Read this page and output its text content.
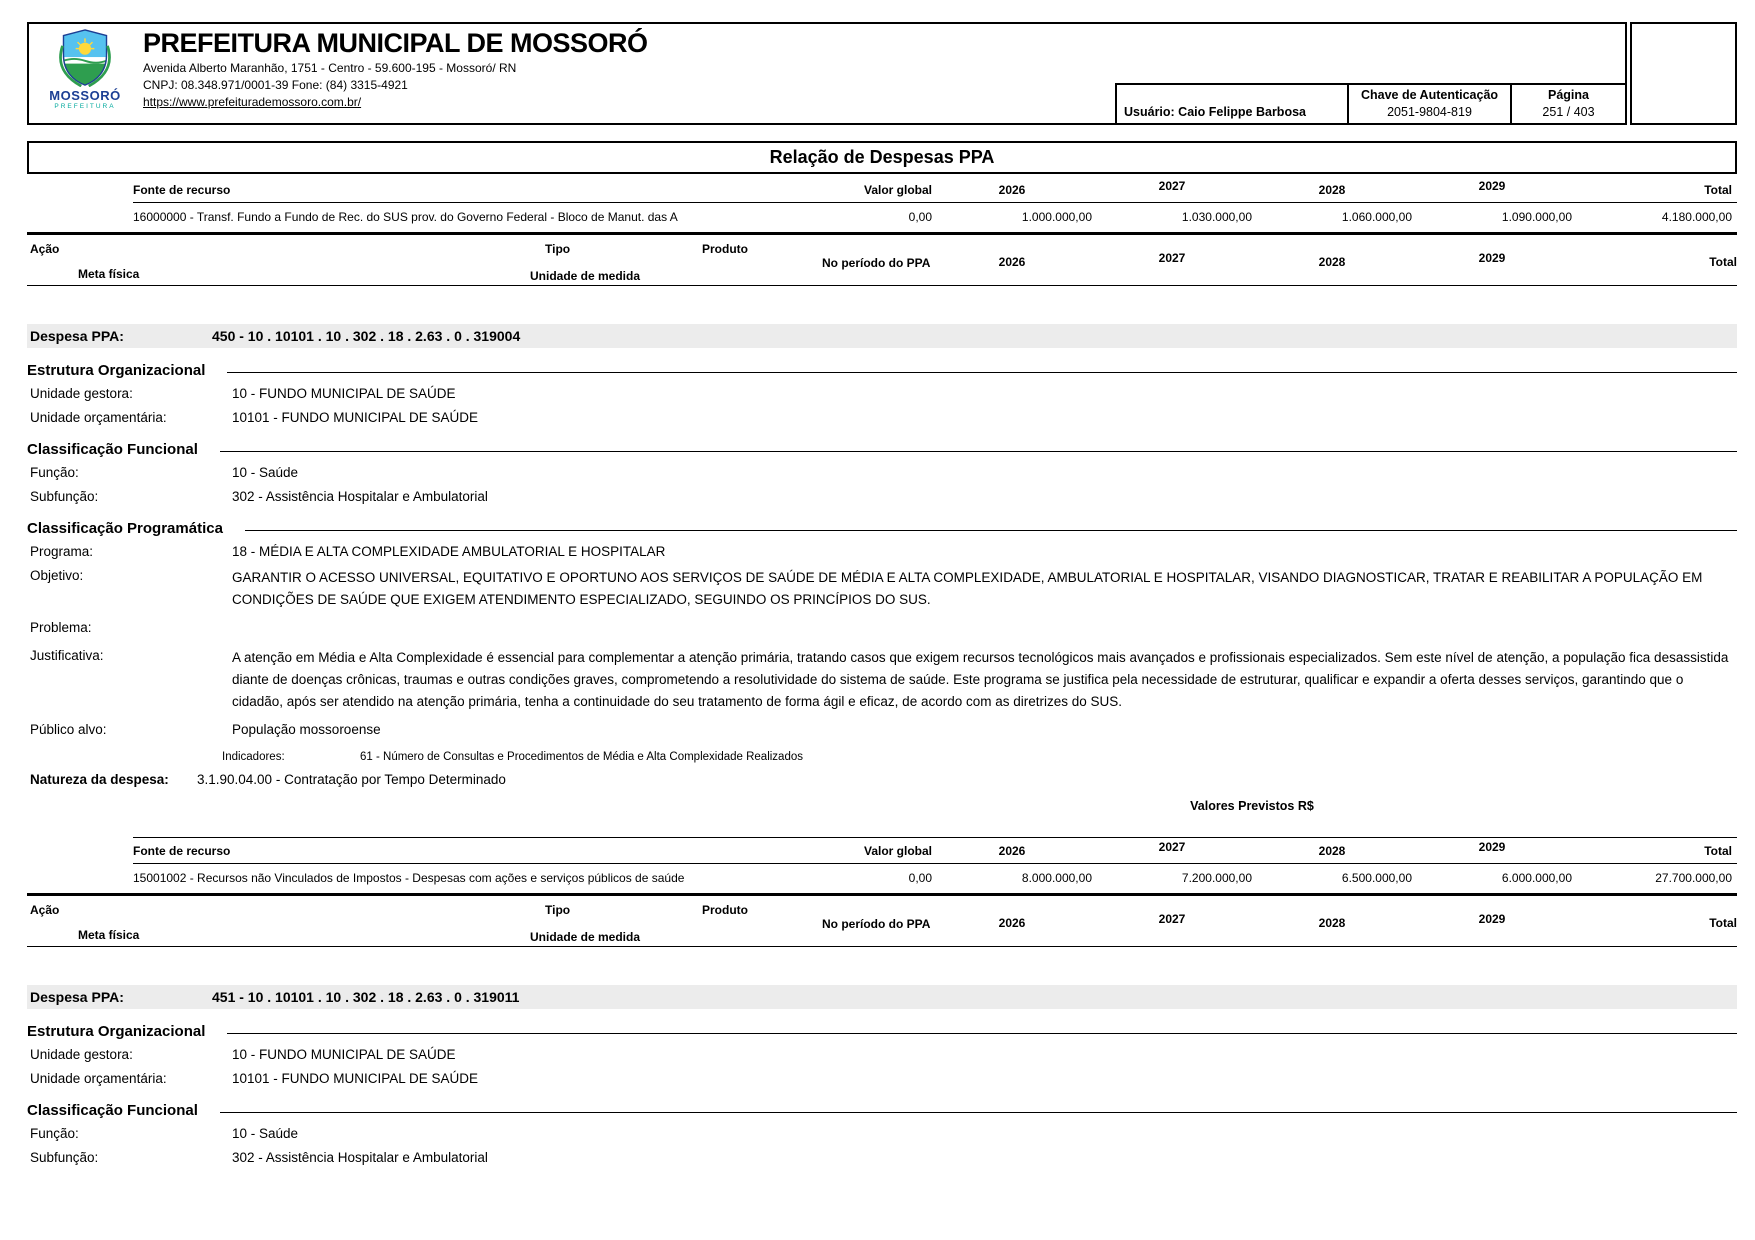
MOSSORÓ
PREFEITURA
PREFEITURA MUNICIPAL DE MOSSORÓ
Avenida Alberto Maranhão, 1751 - Centro - 59.600-195 - Mossoró/ RN
CNPJ: 08.348.971/0001-39 Fone: (84) 3315-4921
https://www.prefeiturademossoro.com.br/
Usuário: Caio Felippe Barbosa
Chave de Autenticação
2051-9804-819
Página
251 / 403
Relação de Despesas PPA
Fonte de recurso	Valor global	2026	2027	2028	2029	Total
16000000 - Transf. Fundo a Fundo de Rec. do SUS prov. do Governo Federal - Bloco de Manut. das A	0,00	1.000.000,00	1.030.000,00	1.060.000,00	1.090.000,00	4.180.000,00
Ação	Tipo	Produto
Meta física	Unidade de medida
No período do PPA	2026	2027	2028	2029	Total
Despesa PPA:	450 - 10 . 10101 . 10 . 302 . 18 . 2.63 . 0 . 319004
Estrutura Organizacional
Unidade gestora:	10 - FUNDO MUNICIPAL DE SAÚDE
Unidade orçamentária:	10101 - FUNDO MUNICIPAL DE SAÚDE
Classificação Funcional
Função:	10 - Saúde
Subfunção:	302 - Assistência Hospitalar e Ambulatorial
Classificação Programática
Programa:	18 - MÉDIA E ALTA COMPLEXIDADE AMBULATORIAL E HOSPITALAR
Objetivo:	GARANTIR O ACESSO UNIVERSAL, EQUITATIVO E OPORTUNO AOS SERVIÇOS DE SAÚDE DE MÉDIA E ALTA COMPLEXIDADE, AMBULATORIAL E HOSPITALAR, VISANDO DIAGNOSTICAR, TRATAR E REABILITAR A POPULAÇÃO EM CONDIÇÕES DE SAÚDE QUE EXIGEM ATENDIMENTO ESPECIALIZADO, SEGUINDO OS PRINCÍPIOS DO SUS.
Problema:
Justificativa:	A atenção em Média e Alta Complexidade é essencial para complementar a atenção primária, tratando casos que exigem recursos tecnológicos mais avançados e profissionais especializados. Sem este nível de atenção, a população fica desassistida diante de doenças crônicas, traumas e outras condições graves, comprometendo a resolutividade do sistema de saúde. Este programa se justifica pela necessidade de estruturar, qualificar e expandir a oferta desses serviços, garantindo que o cidadão, após ser atendido na atenção primária, tenha a continuidade do seu tratamento de forma ágil e eficaz, de acordo com as diretrizes do SUS.
Público alvo:	População mossoroense
Indicadores:	61 - Número de Consultas e Procedimentos de Média e Alta Complexidade Realizados
Natureza da despesa:	3.1.90.04.00 - Contratação por Tempo Determinado
Valores Previstos R$
Fonte de recurso	Valor global	2026	2027	2028	2029	Total
15001002 - Recursos não Vinculados de Impostos - Despesas com ações e serviços públicos de saúde	0,00	8.000.000,00	7.200.000,00	6.500.000,00	6.000.000,00	27.700.000,00
Ação	Tipo	Produto
Meta física	Unidade de medida
No período do PPA	2026	2027	2028	2029	Total
Despesa PPA:	451 - 10 . 10101 . 10 . 302 . 18 . 2.63 . 0 . 319011
Estrutura Organizacional
Unidade gestora:	10 - FUNDO MUNICIPAL DE SAÚDE
Unidade orçamentária:	10101 - FUNDO MUNICIPAL DE SAÚDE
Classificação Funcional
Função:	10 - Saúde
Subfunção:	302 - Assistência Hospitalar e Ambulatorial
